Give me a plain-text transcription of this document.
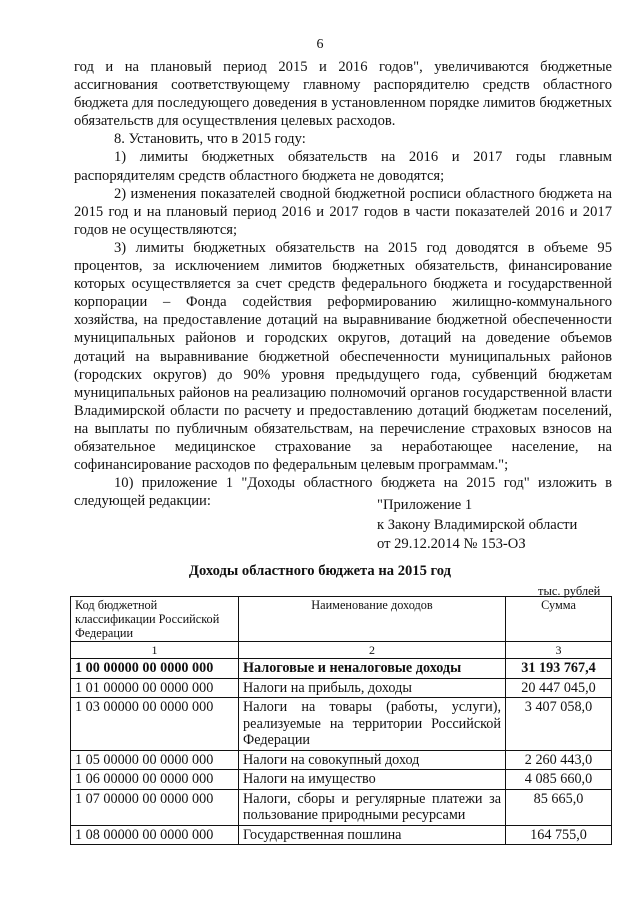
6

год и на плановый период 2015 и 2016 годов", увеличиваются бюджетные ассигнования соответствующему главному распорядителю средств областного бюджета для последующего доведения в установленном порядке лимитов бюджетных обязательств для осуществления целевых расходов.

8. Установить, что в 2015 году:

1) лимиты бюджетных обязательств на 2016 и 2017 годы главным распорядителям средств областного бюджета не доводятся;

2) изменения показателей сводной бюджетной росписи областного бюджета на 2015 год и на плановый период 2016 и 2017 годов в части показателей 2016 и 2017 годов не осуществляются;

3) лимиты бюджетных обязательств на 2015 год доводятся в объеме 95 процентов, за исключением лимитов бюджетных обязательств, финансирование которых осуществляется за счет средств федерального бюджета и государственной корпорации – Фонда содействия реформированию жилищно-коммунального хозяйства, на предоставление дотаций на выравнивание бюджетной обеспеченности муниципальных районов и городских округов, дотаций на доведение объемов дотаций на выравнивание бюджетной обеспеченности муниципальных районов (городских округов) до 90% уровня предыдущего года, субвенций бюджетам муниципальных районов на реализацию полномочий органов государственной власти Владимирской области по расчету и предоставлению дотаций бюджетам поселений, на выплаты по публичным обязательствам, на перечисление страховых взносов на обязательное медицинское страхование за неработающее население, на софинансирование расходов по федеральным целевым программам.";

10) приложение 1 "Доходы областного бюджета на 2015 год" изложить в следующей редакции:	"Приложение 1
к Закону Владимирской области
от 29.12.2014 № 153-ОЗ
Доходы областного бюджета на 2015 год
тыс. рублей
Код бюджетной классификации Российской Федерации	Наименование доходов	Сумма
1	2	3
1 00 00000 00 0000 000	Налоговые и неналоговые доходы	31 193 767,4
1 01 00000 00 0000 000	Налоги на прибыль, доходы	20 447 045,0
1 03 00000 00 0000 000	Налоги на товары (работы, услуги), реализуемые на территории Российской Федерации	3 407 058,0
1 05 00000 00 0000 000	Налоги на совокупный доход	2 260 443,0
1 06 00000 00 0000 000	Налоги на имущество	4 085 660,0
1 07 00000 00 0000 000	Налоги, сборы и регулярные платежи за пользование природными ресурсами	85 665,0
1 08 00000 00 0000 000	Государственная пошлина	164 755,0
